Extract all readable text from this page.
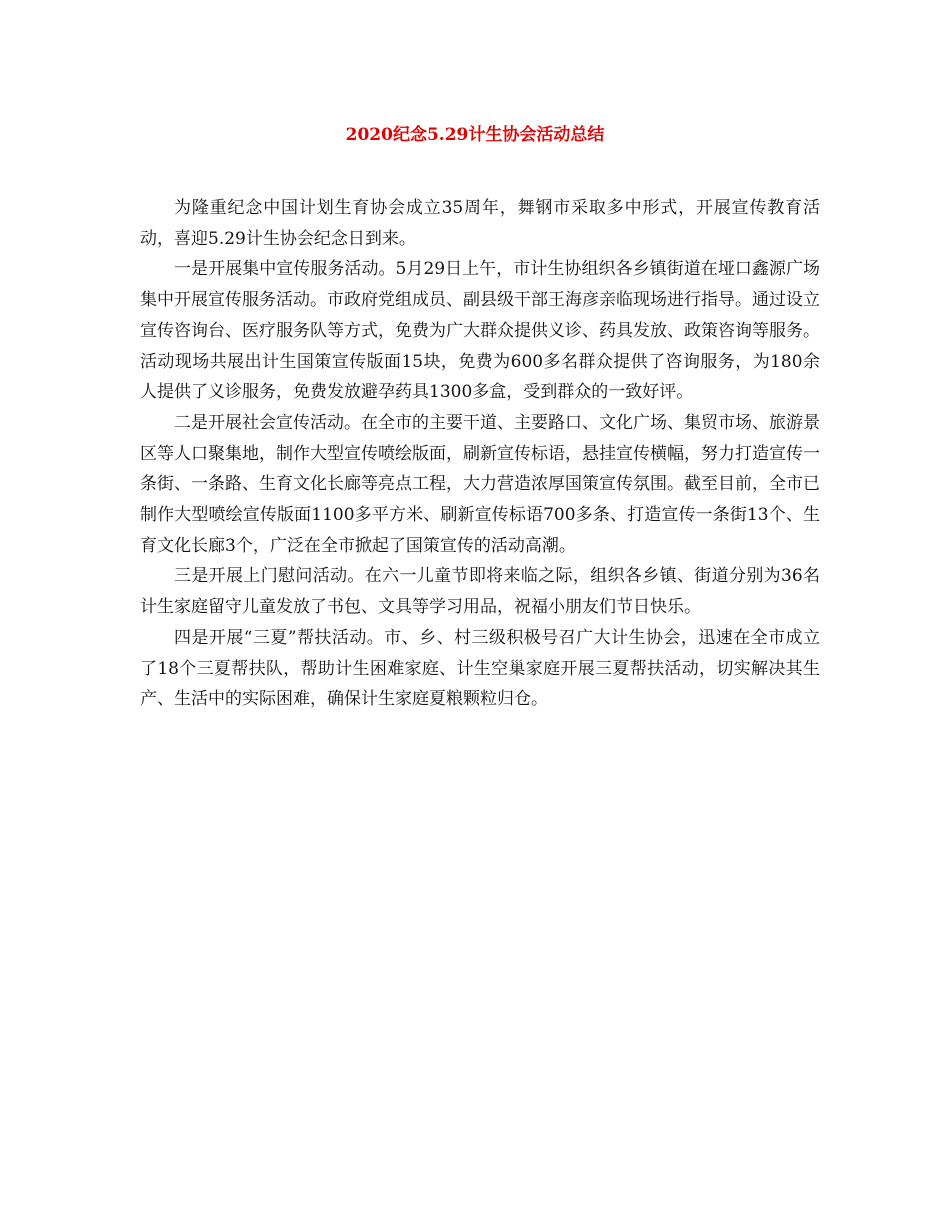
2020纪念5.29计生协会活动总结

为隆重纪念中国计划生育协会成立35周年，舞钢市采取多中形式，开展宣传教育活动，喜迎5.29计生协会纪念日到来。

一是开展集中宣传服务活动。5月29日上午，市计生协组织各乡镇街道在垭口鑫源广场集中开展宣传服务活动。市政府党组成员、副县级干部王海彦亲临现场进行指导。通过设立宣传咨询台、医疗服务队等方式，免费为广大群众提供义诊、药具发放、政策咨询等服务。活动现场共展出计生国策宣传版面15块，免费为600多名群众提供了咨询服务，为180余人提供了义诊服务，免费发放避孕药具1300多盒，受到群众的一致好评。

二是开展社会宣传活动。在全市的主要干道、主要路口、文化广场、集贸市场、旅游景区等人口聚集地，制作大型宣传喷绘版面，刷新宣传标语，悬挂宣传横幅，努力打造宣传一条街、一条路、生育文化长廊等亮点工程，大力营造浓厚国策宣传氛围。截至目前，全市已制作大型喷绘宣传版面1100多平方米、刷新宣传标语700多条、打造宣传一条街13个、生育文化长廊3个，广泛在全市掀起了国策宣传的活动高潮。

三是开展上门慰问活动。在六一儿童节即将来临之际，组织各乡镇、街道分别为36名计生家庭留守儿童发放了书包、文具等学习用品，祝福小朋友们节日快乐。

四是开展“三夏”帮扶活动。市、乡、村三级积极号召广大计生协会，迅速在全市成立了18个三夏帮扶队，帮助计生困难家庭、计生空巢家庭开展三夏帮扶活动，切实解决其生产、生活中的实际困难，确保计生家庭夏粮颗粒归仓。
